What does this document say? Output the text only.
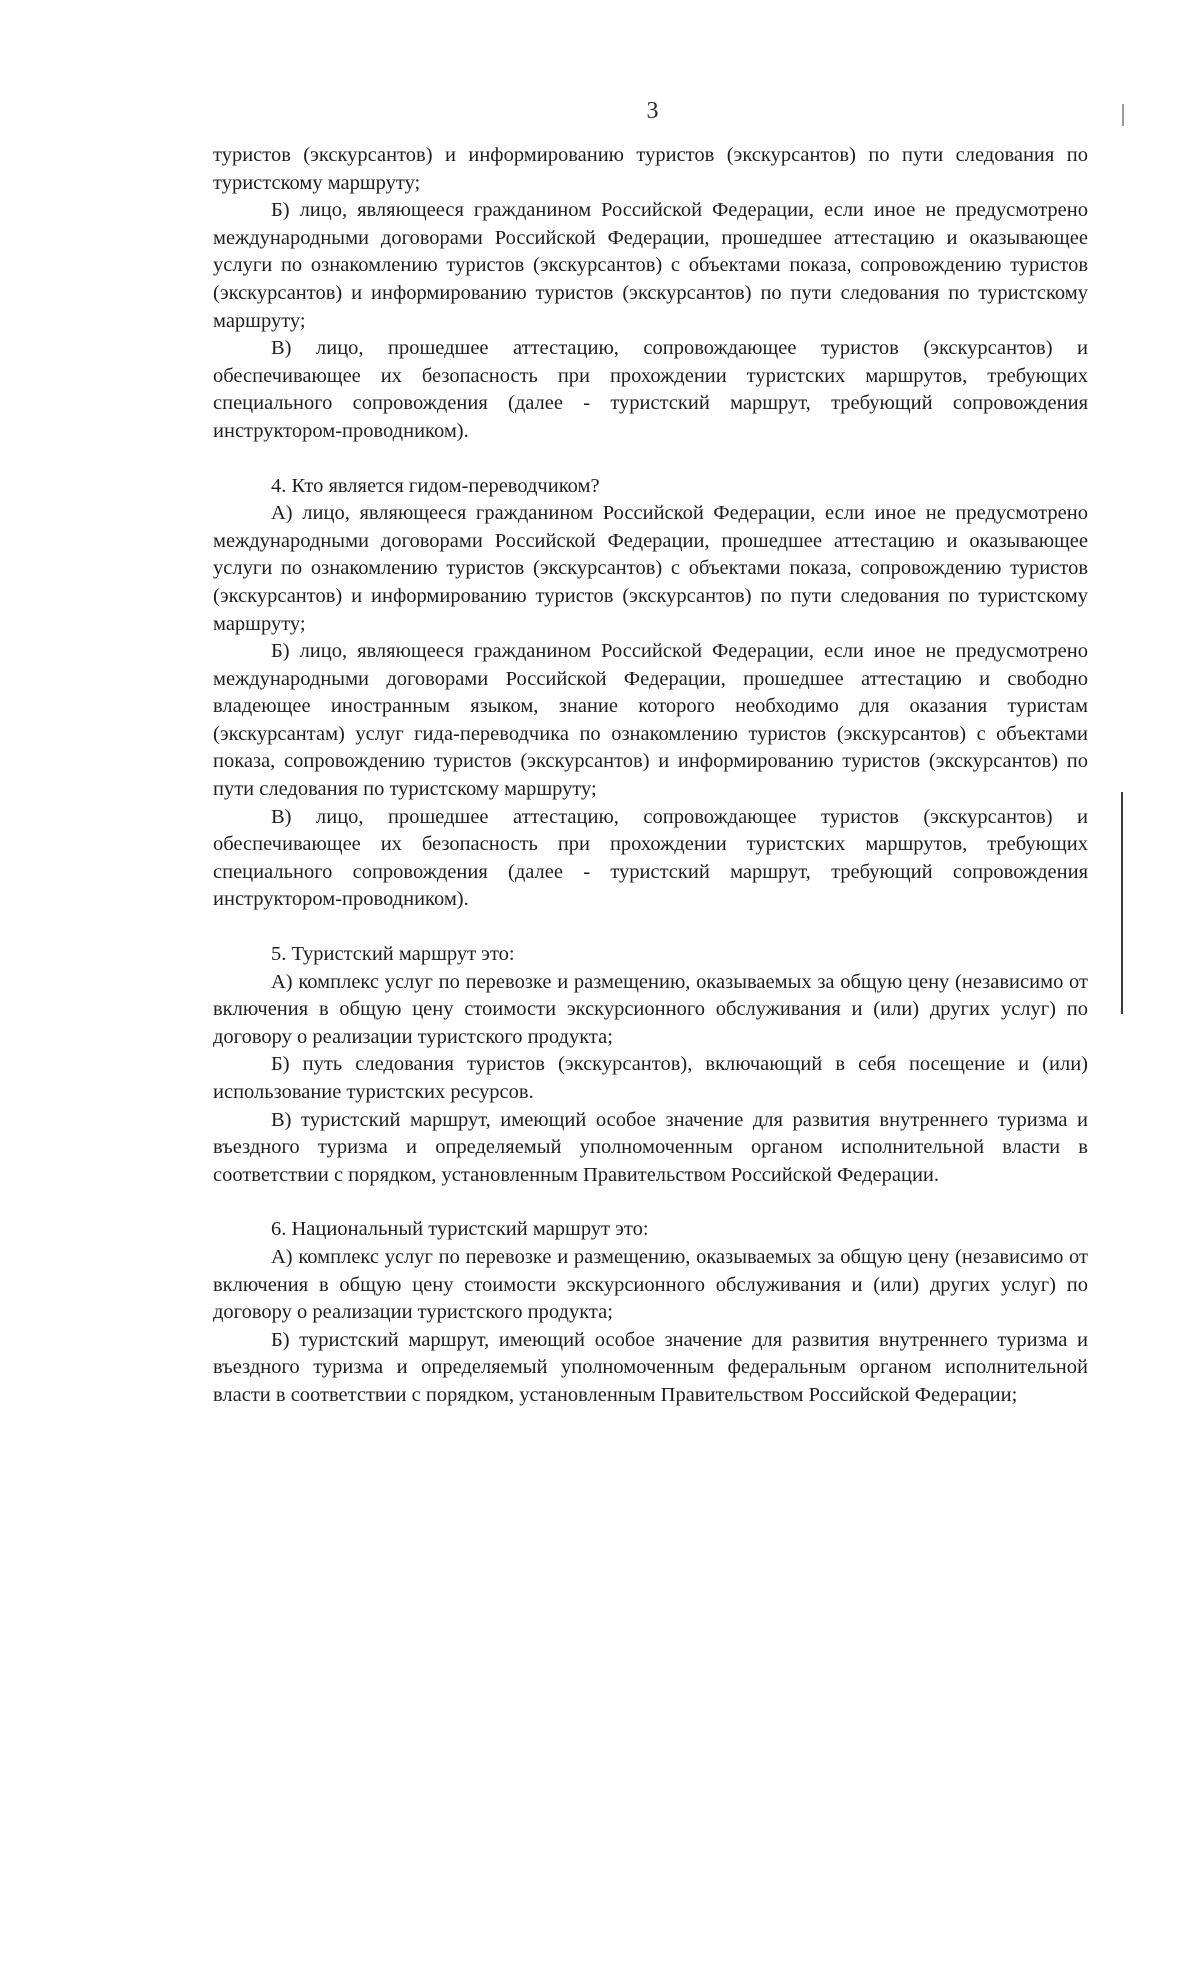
3

туристов (экскурсантов) и информированию туристов (экскурсантов) по пути следования по туристскому маршруту;

Б) лицо, являющееся гражданином Российской Федерации, если иное не предусмотрено международными договорами Российской Федерации, прошедшее аттестацию и оказывающее услуги по ознакомлению туристов (экскурсантов) с объектами показа, сопровождению туристов (экскурсантов) и информированию туристов (экскурсантов) по пути следования по туристскому маршруту;

В) лицо, прошедшее аттестацию, сопровождающее туристов (экскурсантов) и обеспечивающее их безопасность при прохождении туристских маршрутов, требующих специального сопровождения (далее - туристский маршрут, требующий сопровождения инструктором-проводником).

4. Кто является гидом-переводчиком?

А) лицо, являющееся гражданином Российской Федерации, если иное не предусмотрено международными договорами Российской Федерации, прошедшее аттестацию и оказывающее услуги по ознакомлению туристов (экскурсантов) с объектами показа, сопровождению туристов (экскурсантов) и информированию туристов (экскурсантов) по пути следования по туристскому маршруту;

Б) лицо, являющееся гражданином Российской Федерации, если иное не предусмотрено международными договорами Российской Федерации, прошедшее аттестацию и свободно владеющее иностранным языком, знание которого необходимо для оказания туристам (экскурсантам) услуг гида-переводчика по ознакомлению туристов (экскурсантов) с объектами показа, сопровождению туристов (экскурсантов) и информированию туристов (экскурсантов) по пути следования по туристскому маршруту;

В) лицо, прошедшее аттестацию, сопровождающее туристов (экскурсантов) и обеспечивающее их безопасность при прохождении туристских маршрутов, требующих специального сопровождения (далее - туристский маршрут, требующий сопровождения инструктором-проводником).

5. Туристский маршрут это:

А) комплекс услуг по перевозке и размещению, оказываемых за общую цену (независимо от включения в общую цену стоимости экскурсионного обслуживания и (или) других услуг) по договору о реализации туристского продукта;

Б) путь следования туристов (экскурсантов), включающий в себя посещение и (или) использование туристских ресурсов.

В) туристский маршрут, имеющий особое значение для развития внутреннего туризма и въездного туризма и определяемый уполномоченным органом исполнительной власти в соответствии с порядком, установленным Правительством Российской Федерации.

6. Национальный туристский маршрут это:

А) комплекс услуг по перевозке и размещению, оказываемых за общую цену (независимо от включения в общую цену стоимости экскурсионного обслуживания и (или) других услуг) по договору о реализации туристского продукта;

Б) туристский маршрут, имеющий особое значение для развития внутреннего туризма и въездного туризма и определяемый уполномоченным федеральным органом исполнительной власти в соответствии с порядком, установленным Правительством Российской Федерации;
